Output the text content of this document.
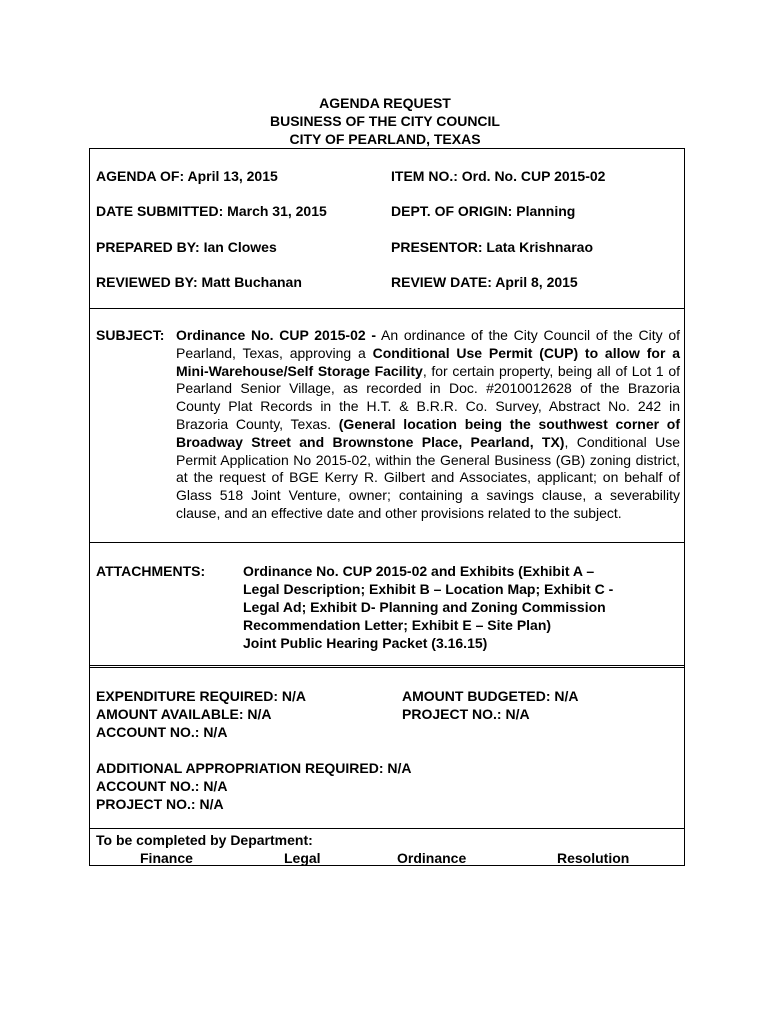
AGENDA REQUEST
BUSINESS OF THE CITY COUNCIL
CITY OF PEARLAND, TEXAS
AGENDA OF: April 13, 2015	ITEM NO.: Ord. No. CUP 2015-02
DATE SUBMITTED: March 31, 2015	DEPT. OF ORIGIN: Planning
PREPARED BY: Ian Clowes	PRESENTOR: Lata Krishnarao
REVIEWED BY: Matt Buchanan	REVIEW DATE: April 8, 2015
SUBJECT: Ordinance No. CUP 2015-02 - An ordinance of the City Council of the City of Pearland, Texas, approving a Conditional Use Permit (CUP) to allow for a Mini-Warehouse/Self Storage Facility, for certain property, being all of Lot 1 of Pearland Senior Village, as recorded in Doc. #2010012628 of the Brazoria County Plat Records in the H.T. & B.R.R. Co. Survey, Abstract No. 242 in Brazoria County, Texas. (General location being the southwest corner of Broadway Street and Brownstone Place, Pearland, TX), Conditional Use Permit Application No 2015-02, within the General Business (GB) zoning district, at the request of BGE Kerry R. Gilbert and Associates, applicant; on behalf of Glass 518 Joint Venture, owner; containing a savings clause, a severability clause, and an effective date and other provisions related to the subject.
ATTACHMENTS:	Ordinance No. CUP 2015-02 and Exhibits (Exhibit A –
Legal Description; Exhibit B – Location Map; Exhibit C -
Legal Ad; Exhibit D- Planning and Zoning Commission
Recommendation Letter; Exhibit E – Site Plan)
Joint Public Hearing Packet (3.16.15)
EXPENDITURE REQUIRED: N/A	AMOUNT BUDGETED: N/A
AMOUNT AVAILABLE: N/A	PROJECT NO.: N/A
ACCOUNT NO.: N/A
ADDITIONAL APPROPRIATION REQUIRED: N/A
ACCOUNT NO.: N/A
PROJECT NO.: N/A
To be completed by Department:
Finance	Legal	Ordinance	Resolution
